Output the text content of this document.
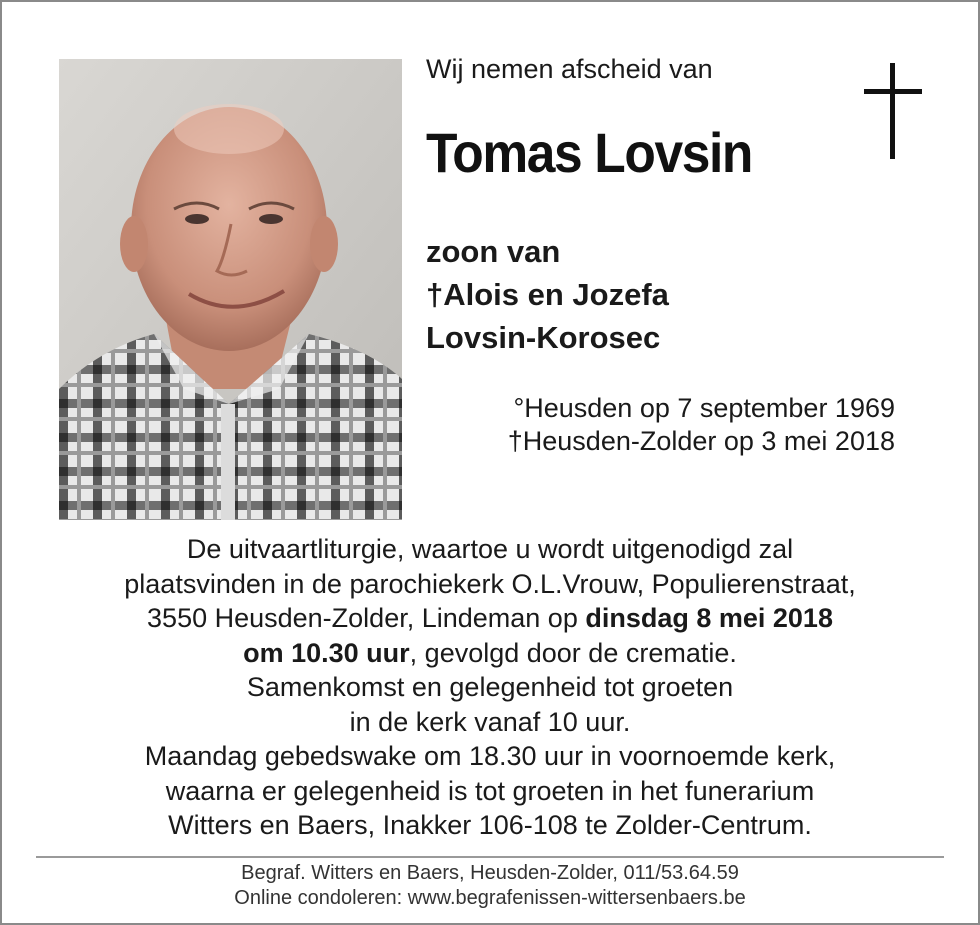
Wij nemen afscheid van
Tomas Lovsin
zoon van
†Alois en Jozefa
Lovsin-Korosec
°Heusden op 7 september 1969
†Heusden-Zolder op 3 mei 2018
De uitvaartliturgie, waartoe u wordt uitgenodigd zal
plaatsvinden in de parochiekerk O.L.Vrouw, Populierenstraat,
3550 Heusden-Zolder, Lindeman op dinsdag 8 mei 2018
om 10.30 uur, gevolgd door de crematie.
Samenkomst en gelegenheid tot groeten
in de kerk vanaf 10 uur.
Maandag gebedswake om 18.30 uur in voornoemde kerk,
waarna er gelegenheid is tot groeten in het funerarium
Witters en Baers, Inakker 106-108 te Zolder-Centrum.
Begraf. Witters en Baers, Heusden-Zolder, 011/53.64.59
Online condoleren: www.begrafenissen-wittersenbaers.be
